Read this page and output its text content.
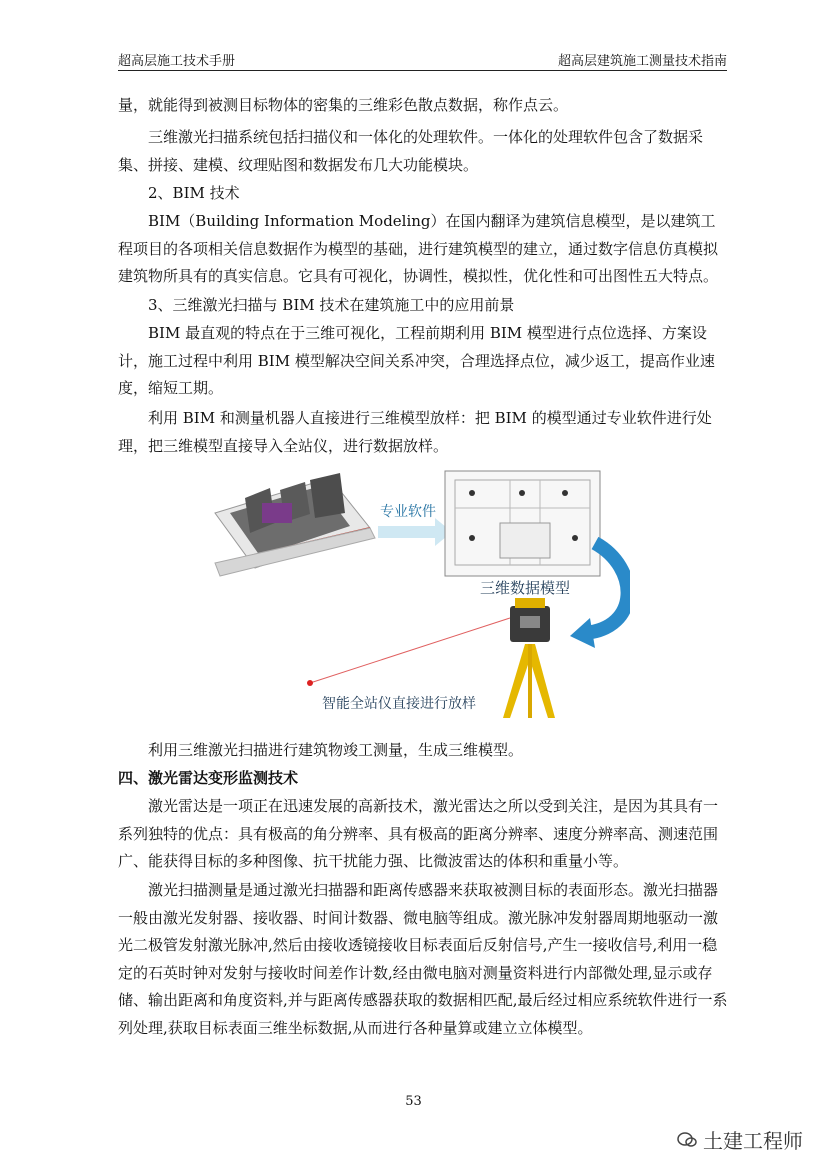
超高层施工技术手册	超高层建筑施工测量技术指南
量，就能得到被测目标物体的密集的三维彩色散点数据，称作点云。
三维激光扫描系统包括扫描仪和一体化的处理软件。一体化的处理软件包含了数据采集、拼接、建模、纹理贴图和数据发布几大功能模块。
2、BIM 技术
BIM（Building Information Modeling）在国内翻译为建筑信息模型，是以建筑工程项目的各项相关信息数据作为模型的基础，进行建筑模型的建立，通过数字信息仿真模拟建筑物所具有的真实信息。它具有可视化，协调性，模拟性，优化性和可出图性五大特点。
3、三维激光扫描与 BIM 技术在建筑施工中的应用前景
BIM 最直观的特点在于三维可视化，工程前期利用 BIM 模型进行点位选择、方案设计，施工过程中利用 BIM 模型解决空间关系冲突，合理选择点位，减少返工，提高作业速度，缩短工期。
利用 BIM 和测量机器人直接进行三维模型放样：把 BIM 的模型通过专业软件进行处理，把三维模型直接导入全站仪，进行数据放样。
专业软件
三维数据模型
智能全站仪直接进行放样
利用三维激光扫描进行建筑物竣工测量，生成三维模型。
四、激光雷达变形监测技术
激光雷达是一项正在迅速发展的高新技术，激光雷达之所以受到关注，是因为其具有一系列独特的优点：具有极高的角分辨率、具有极高的距离分辨率、速度分辨率高、测速范围广、能获得目标的多种图像、抗干扰能力强、比微波雷达的体积和重量小等。
激光扫描测量是通过激光扫描器和距离传感器来获取被测目标的表面形态。激光扫描器一般由激光发射器、接收器、时间计数器、微电脑等组成。激光脉冲发射器周期地驱动一激光二极管发射激光脉冲,然后由接收透镜接收目标表面后反射信号,产生一接收信号,利用一稳定的石英时钟对发射与接收时间差作计数,经由微电脑对测量资料进行内部微处理,显示或存储、输出距离和角度资料,并与距离传感器获取的数据相匹配,最后经过相应系统软件进行一系列处理,获取目标表面三维坐标数据,从而进行各种量算或建立立体模型。
53
土建工程师
